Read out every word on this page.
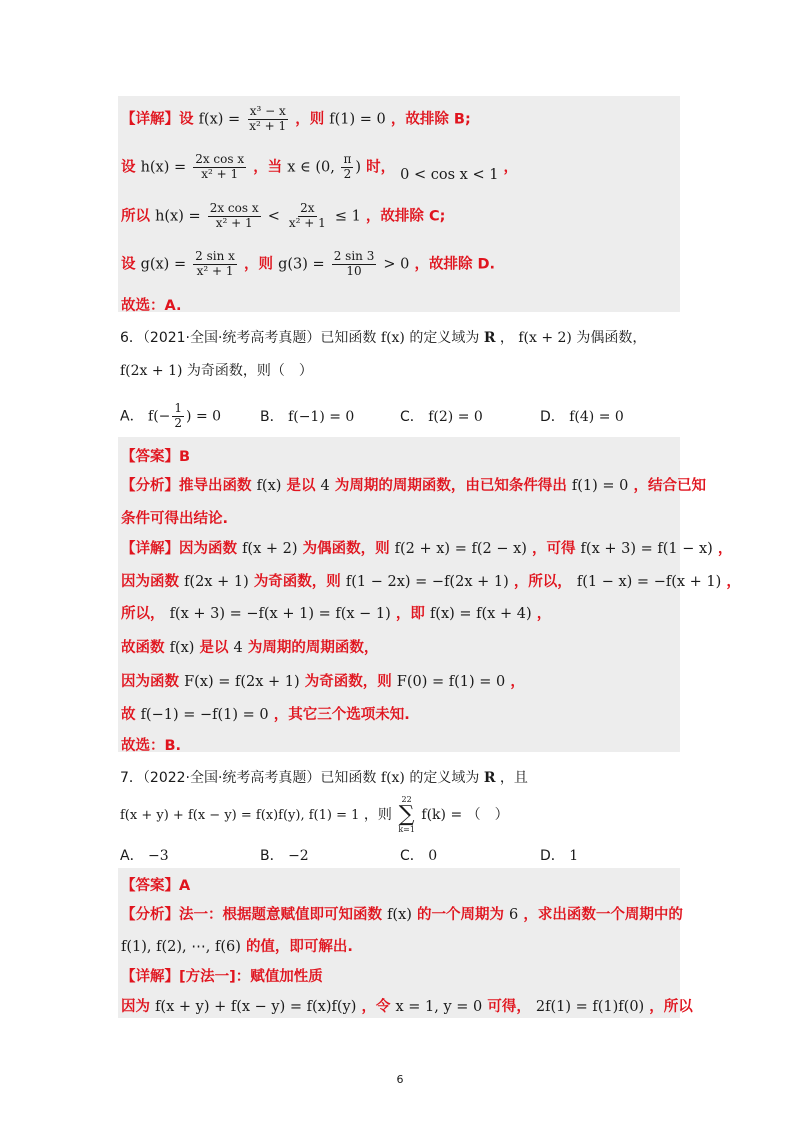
【详解】设 $f(x) = \frac{\text{x³ − x}}{\text{x² + 1}}$ ，则 f(1) = 0 ，故排除 B;
设 $h(x) = \frac{\text{2x cos x}}{\text{x² + 1}}$ ，当 x ∈ (0, $\frac{\pi}{2}$ ) 时， 0 < cos x < 1 ，
所以 $h(x) = \frac{\text{2x cos x}}{\text{x² + 1}} < \frac{2x}{\text{x² + 1}} \le 1$ ，故排除 C;
设 $g(x) = \frac{\text{2 sin x}}{\text{x² + 1}}$ ，则 $g(3) = \frac{2 \sin 3}{10} > 0$ ，故排除 D.
故选：A.
6．（2021·全国·统考高考真题）已知函数 f(x) 的定义域为 R ， f(x + 2) 为偶函数，
f(2x + 1) 为奇函数，则（　）
A． $f(- \frac{1}{2}$ ) = 0	B． f(−1) = 0	C． f(2) = 0	D． f(4) = 0
【答案】B
【分析】推导出函数 f(x) 是以 4 为周期的周期函数，由已知条件得出 f(1) = 0 ，结合已知
条件可得出结论.
【详解】因为函数 f(x + 2) 为偶函数，则 f(2 + x) = f(2 − x) ，可得 f(x + 3) = f(1 − x) ，
因为函数 f(2x + 1) 为奇函数，则 f(1 − 2x) = −f(2x + 1) ，所以， f(1 − x) = −f(x + 1) ，
所以， f(x + 3) = −f(x + 1) = f(x − 1) ，即 f(x) = f(x + 4) ，
故函数 f(x) 是以 4 为周期的周期函数，
因为函数 F(x) = f(2x + 1) 为奇函数，则 F(0) = f(1) = 0 ，
故 f(−1) = −f(1) = 0 ，其它三个选项未知.
故选：B.
7．（2022·全国·统考高考真题）已知函数 f(x) 的定义域为 R ，且
f(x + y) + f(x − y) = f(x)f(y), f(1) = 1 ，则
22
∑
k=1
f(k) = （　）
A． −3	B． −2	C． 0	D． 1
【答案】A
【分析】法一：根据题意赋值即可知函数 f(x) 的一个周期为 6 ，求出函数一个周期中的
f(1), f(2), ⋯, f(6) 的值，即可解出.
【详解】[方法一]：赋值加性质
因为 f(x + y) + f(x − y) = f(x)f(y) ，令 x = 1, y = 0 可得， 2f(1) = f(1)f(0) ，所以
6
